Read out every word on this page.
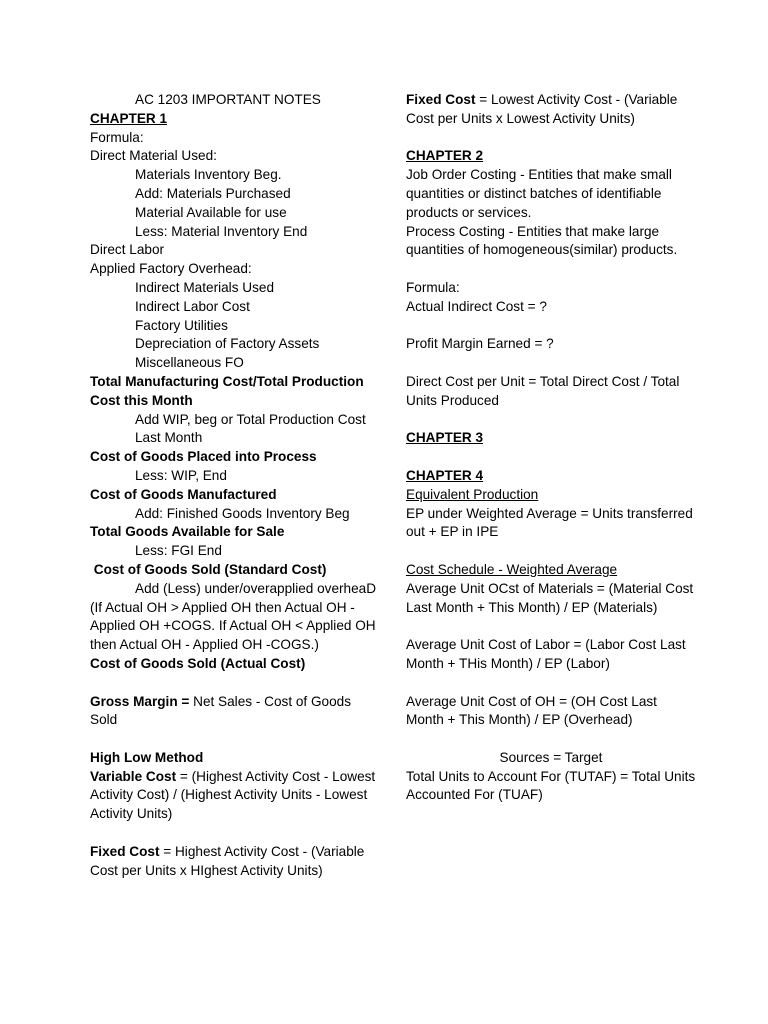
AC 1203 IMPORTANT NOTES
CHAPTER 1
Formula:
Direct Material Used:
Materials Inventory Beg.
Add: Materials Purchased
Material Available for use
Less: Material Inventory End
Direct Labor
Applied Factory Overhead:
Indirect Materials Used
Indirect Labor Cost
Factory Utilities
Depreciation of Factory Assets
Miscellaneous FO
Total Manufacturing Cost/Total Production Cost this Month
Add WIP, beg or Total Production Cost Last Month
Cost of Goods Placed into Process
Less: WIP, End
Cost of Goods Manufactured
Add: Finished Goods Inventory Beg
Total Goods Available for Sale
Less: FGI End
Cost of Goods Sold (Standard Cost)
Add (Less) under/overapplied overheaD
(If Actual OH > Applied OH then Actual OH - Applied OH +COGS. If Actual OH < Applied OH then Actual OH - Applied OH -COGS.)
Cost of Goods Sold (Actual Cost)
Gross Margin = Net Sales - Cost of Goods Sold
High Low Method
Variable Cost = (Highest Activity Cost - Lowest Activity Cost) / (Highest Activity Units - Lowest Activity Units)
Fixed Cost = Highest Activity Cost - (Variable Cost per Units x HIghest Activity Units)
Fixed Cost = Lowest Activity Cost - (Variable Cost per Units x Lowest Activity Units)
CHAPTER 2
Job Order Costing - Entities that make small quantities or distinct batches of identifiable products or services.
Process Costing - Entities that make large quantities of homogeneous(similar) products.
Formula:
Actual Indirect Cost = ?
Profit Margin Earned = ?
Direct Cost per Unit = Total Direct Cost / Total Units Produced
CHAPTER 3
CHAPTER 4
Equivalent Production
EP under Weighted Average = Units transferred out + EP in IPE
Cost Schedule - Weighted Average
Average Unit OCst of Materials = (Material Cost Last Month + This Month) / EP (Materials)
Average Unit Cost of Labor = (Labor Cost Last Month + THis Month) / EP (Labor)
Average Unit Cost of OH = (OH Cost Last Month + This Month) / EP (Overhead)
Sources = Target
Total Units to Account For (TUTAF) = Total Units Accounted For (TUAF)
